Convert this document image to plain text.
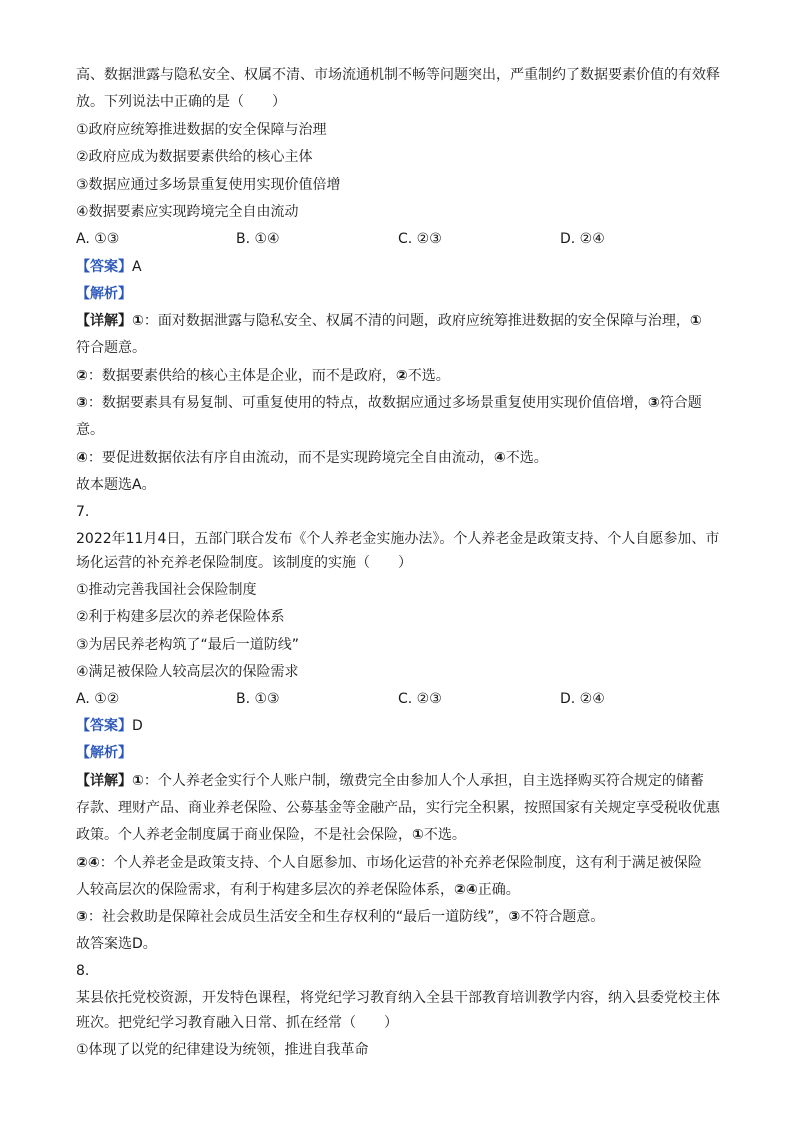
高、数据泄露与隐私安全、权属不清、市场流通机制不畅等问题突出，严重制约了数据要素价值的有效释
放。下列说法中正确的是（　　）
①政府应统筹推进数据的安全保障与治理
②政府应成为数据要素供给的核心主体
③数据应通过多场景重复使用实现价值倍增
④数据要素应实现跨境完全自由流动
A. ①③	B. ①④	C. ②③	D. ②④
【答案】A
【解析】
【详解】①：面对数据泄露与隐私安全、权属不清的问题，政府应统筹推进数据的安全保障与治理，①
符合题意。
②：数据要素供给的核心主体是企业，而不是政府，②不选。
③：数据要素具有易复制、可重复使用的特点，故数据应通过多场景重复使用实现价值倍增，③符合题
意。
④：要促进数据依法有序自由流动，而不是实现跨境完全自由流动，④不选。
故本题选A。
7.
2022年11月4日，五部门联合发布《个人养老金实施办法》。个人养老金是政策支持、个人自愿参加、市
场化运营的补充养老保险制度。该制度的实施（　　）
①推动完善我国社会保险制度
②利于构建多层次的养老保险体系
③为居民养老构筑了“最后一道防线”
④满足被保险人较高层次的保险需求
A. ①②	B. ①③	C. ②③	D. ②④
【答案】D
【解析】
【详解】①：个人养老金实行个人账户制，缴费完全由参加人个人承担，自主选择购买符合规定的储蓄
存款、理财产品、商业养老保险、公募基金等金融产品，实行完全积累，按照国家有关规定享受税收优惠
政策。个人养老金制度属于商业保险，不是社会保险，①不选。
②④：个人养老金是政策支持、个人自愿参加、市场化运营的补充养老保险制度，这有利于满足被保险
人较高层次的保险需求，有利于构建多层次的养老保险体系，②④正确。
③：社会救助是保障社会成员生活安全和生存权利的“最后一道防线”，③不符合题意。
故答案选D。
8.
某县依托党校资源，开发特色课程，将党纪学习教育纳入全县干部教育培训教学内容，纳入县委党校主体
班次。把党纪学习教育融入日常、抓在经常（　　）
①体现了以党的纪律建设为统领，推进自我革命
